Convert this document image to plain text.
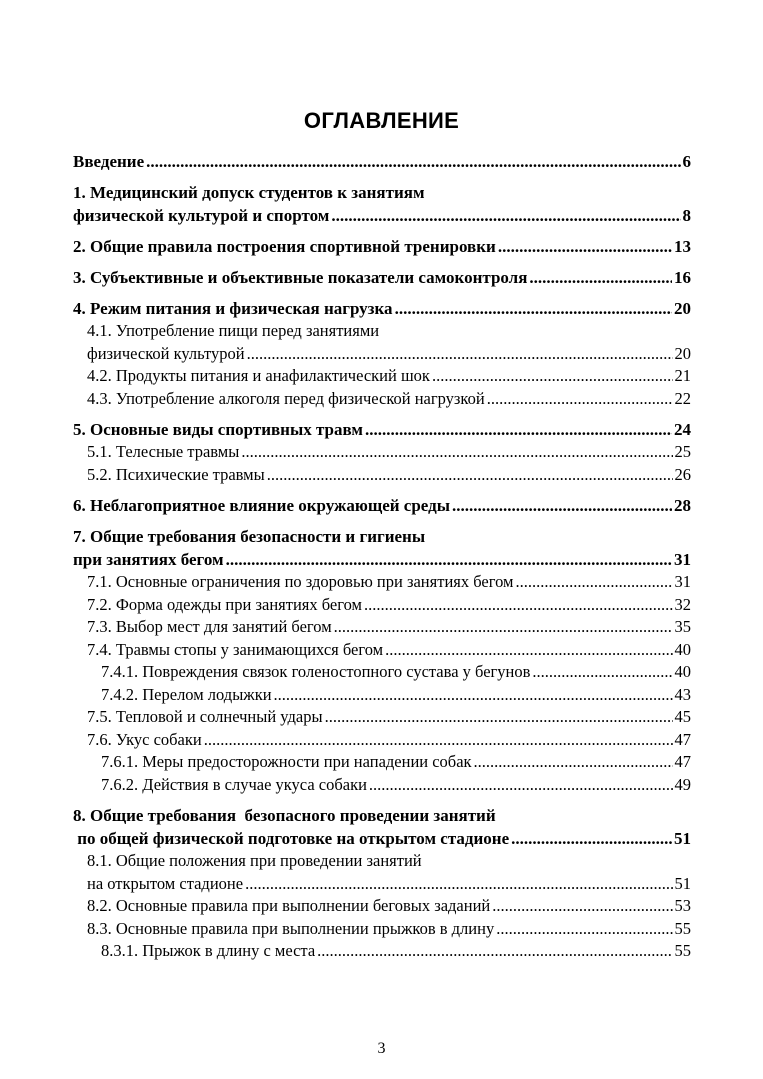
ОГЛАВЛЕНИЕ
Введение .....	6
1. Медицинский допуск студентов к занятиям
физической культурой и спортом .....	8
2. Общие правила построения спортивной тренировки .....	13
3. Субъективные и объективные показатели самоконтроля .....	16
4. Режим питания и физическая нагрузка .....	20
4.1. Употребление пищи перед занятиями
физической культурой .....	20
4.2. Продукты питания и анафилактический шок .....	21
4.3. Употребление алкоголя перед физической нагрузкой .....	22
5. Основные виды спортивных травм .....	24
5.1. Телесные травмы .....	25
5.2. Психические травмы .....	26
6. Неблагоприятное влияние окружающей среды .....	28
7. Общие требования безопасности и гигиены
при занятиях бегом .....	31
7.1. Основные ограничения по здоровью при занятиях бегом .....	31
7.2. Форма одежды при занятиях бегом .....	32
7.3. Выбор мест для занятий бегом .....	35
7.4. Травмы стопы у занимающихся бегом .....	40
7.4.1. Повреждения связок голеностопного сустава у бегунов .....	40
7.4.2. Перелом лодыжки .....	43
7.5. Тепловой и солнечный удары .....	45
7.6. Укус собаки .....	47
7.6.1. Меры предосторожности при нападении собак .....	47
7.6.2. Действия в случае укуса собаки .....	49
8. Общие требования  безопасного проведении занятий
по общей физической подготовке на открытом стадионе .....	51
8.1. Общие положения при проведении занятий
на открытом стадионе .....	51
8.2. Основные правила при выполнении беговых заданий .....	53
8.3. Основные правила при выполнении прыжков в длину .....	55
8.3.1. Прыжок в длину с места .....	55
3
